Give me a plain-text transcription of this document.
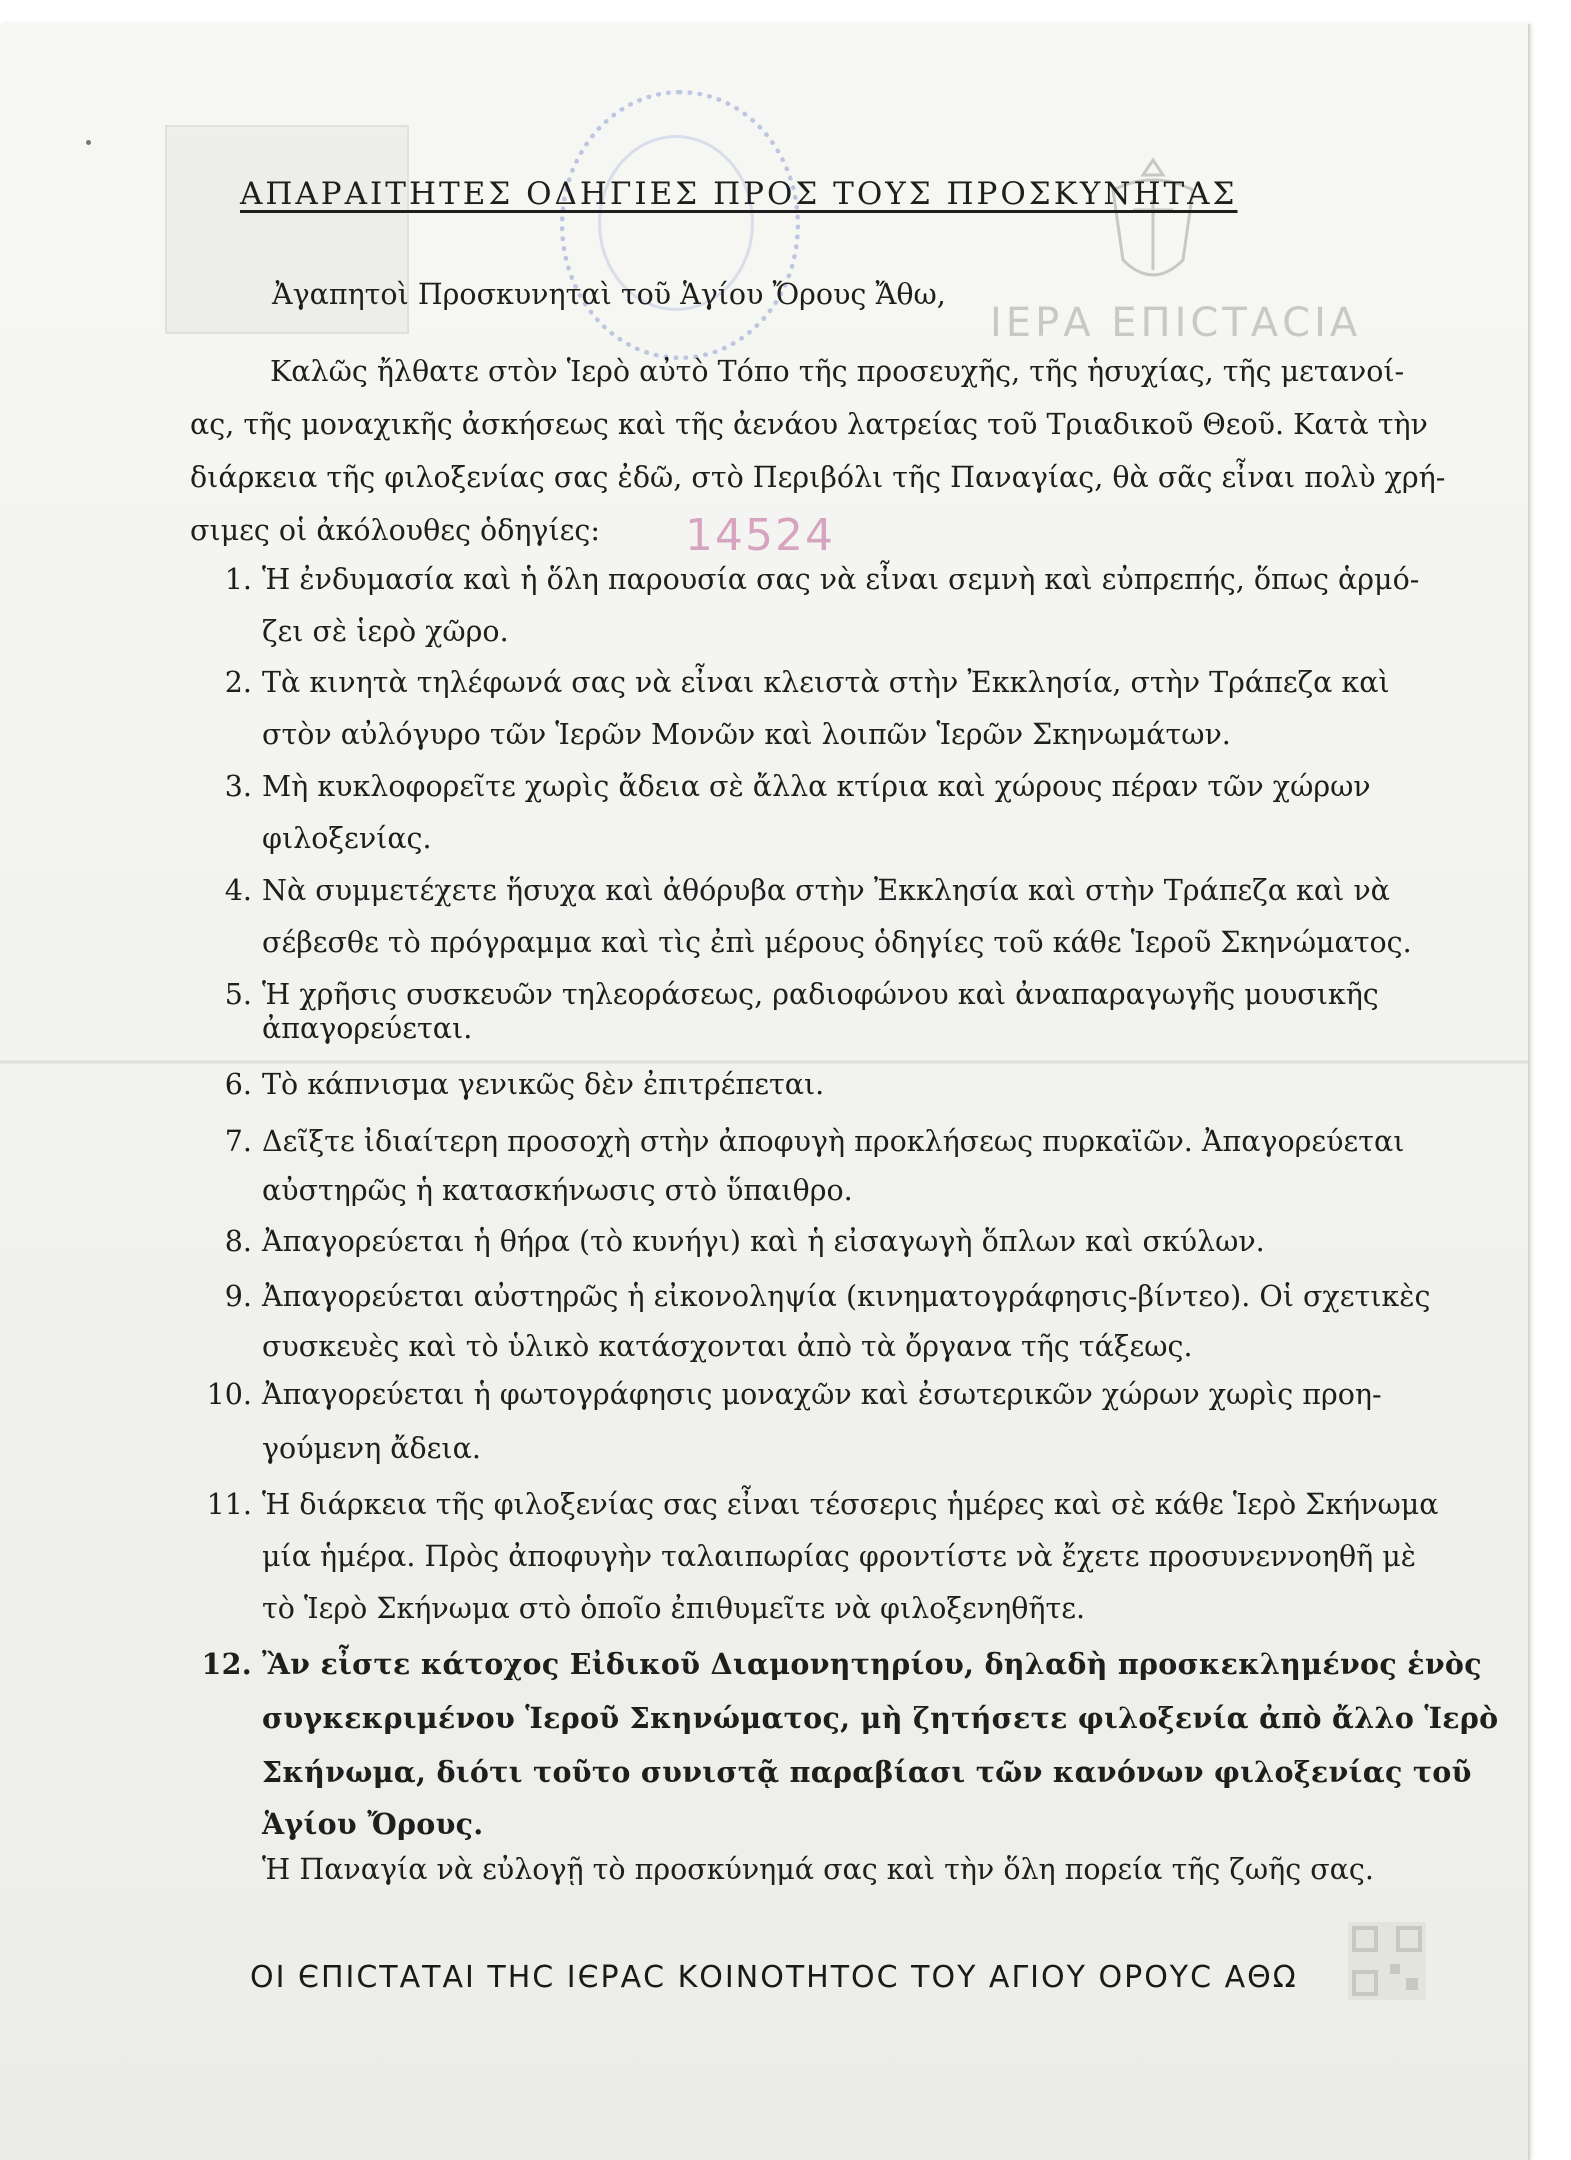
ΙΕΡΑ ΕΠΙCΤΑCΙΑ
14524
ΑΠΑΡΑΙΤΗΤΕΣ ΟΔΗΓΙΕΣ ΠΡΟΣ ΤΟΥΣ ΠΡΟΣΚΥΝΗΤΑΣ
Ἀγαπητοὶ Προσκυνηταὶ τοῦ Ἁγίου Ὄρους Ἄθω,
Καλῶς ἤλθατε στὸν Ἱερὸ αὐτὸ Τόπο τῆς προσευχῆς, τῆς ἡσυχίας, τῆς μετανοί-
ας, τῆς μοναχικῆς ἀσκήσεως καὶ τῆς ἀενάου λατρείας τοῦ Τριαδικοῦ Θεοῦ. Κατὰ τὴν
διάρκεια τῆς φιλοξενίας σας ἐδῶ, στὸ Περιβόλι τῆς Παναγίας, θὰ σᾶς εἶναι πολὺ χρή-
σιμες οἱ ἀκόλουθες ὁδηγίες:
1. Ἡ ἐνδυμασία καὶ ἡ ὅλη παρουσία σας νὰ εἶναι σεμνὴ καὶ εὐπρεπής, ὅπως ἁρμό-
ζει σὲ ἱερὸ χῶρο.
2. Τὰ κινητὰ τηλέφωνά σας νὰ εἶναι κλειστὰ στὴν Ἐκκλησία, στὴν Τράπεζα καὶ
στὸν αὐλόγυρο τῶν Ἱερῶν Μονῶν καὶ λοιπῶν Ἱερῶν Σκηνωμάτων.
3. Μὴ κυκλοφορεῖτε χωρὶς ἄδεια σὲ ἄλλα κτίρια καὶ χώρους πέραν τῶν χώρων
φιλοξενίας.
4. Νὰ συμμετέχετε ἥσυχα καὶ ἀθόρυβα στὴν Ἐκκλησία καὶ στὴν Τράπεζα καὶ νὰ
σέβεσθε τὸ πρόγραμμα καὶ τὶς ἐπὶ μέρους ὁδηγίες τοῦ κάθε Ἱεροῦ Σκηνώματος.
5. Ἡ χρῆσις συσκευῶν τηλεοράσεως, ραδιοφώνου καὶ ἀναπαραγωγῆς μουσικῆς
ἀπαγορεύεται.
6. Τὸ κάπνισμα γενικῶς δὲν ἐπιτρέπεται.
7. Δεῖξτε ἰδιαίτερη προσοχὴ στὴν ἀποφυγὴ προκλήσεως πυρκαϊῶν. Ἀπαγορεύεται
αὐστηρῶς ἡ κατασκήνωσις στὸ ὕπαιθρο.
8. Ἀπαγορεύεται ἡ θήρα (τὸ κυνήγι) καὶ ἡ εἰσαγωγὴ ὅπλων καὶ σκύλων.
9. Ἀπαγορεύεται αὐστηρῶς ἡ εἰκονοληψία (κινηματογράφησις-βίντεο). Οἱ σχετικὲς
συσκευὲς καὶ τὸ ὑλικὸ κατάσχονται ἀπὸ τὰ ὄργανα τῆς τάξεως.
10. Ἀπαγορεύεται ἡ φωτογράφησις μοναχῶν καὶ ἐσωτερικῶν χώρων χωρὶς προη-
γούμενη ἄδεια.
11. Ἡ διάρκεια τῆς φιλοξενίας σας εἶναι τέσσερις ἡμέρες καὶ σὲ κάθε Ἱερὸ Σκήνωμα
μία ἡμέρα. Πρὸς ἀποφυγὴν ταλαιπωρίας φροντίστε νὰ ἔχετε προσυνεννοηθῆ μὲ
τὸ Ἱερὸ Σκήνωμα στὸ ὁποῖο ἐπιθυμεῖτε νὰ φιλοξενηθῆτε.
12. Ἂν εἶστε κάτοχος Εἰδικοῦ Διαμονητηρίου, δηλαδὴ προσκεκλημένος ἑνὸς
συγκεκριμένου Ἱεροῦ Σκηνώματος, μὴ ζητήσετε φιλοξενία ἀπὸ ἄλλο Ἱερὸ
Σκήνωμα, διότι τοῦτο συνιστᾷ παραβίασι τῶν κανόνων φιλοξενίας τοῦ
Ἁγίου Ὄρους.
Ἡ Παναγία νὰ εὐλογῇ τὸ προσκύνημά σας καὶ τὴν ὅλη πορεία τῆς ζωῆς σας.
ΟΙ ЄΠΙCΤΑΤΑΙ ΤΗC ΙЄΡΑC ΚΟΙΝΟΤΗΤΟC ΤΟΥ ΑΓΙΟΥ ΟΡΟΥC ΑΘΩ
